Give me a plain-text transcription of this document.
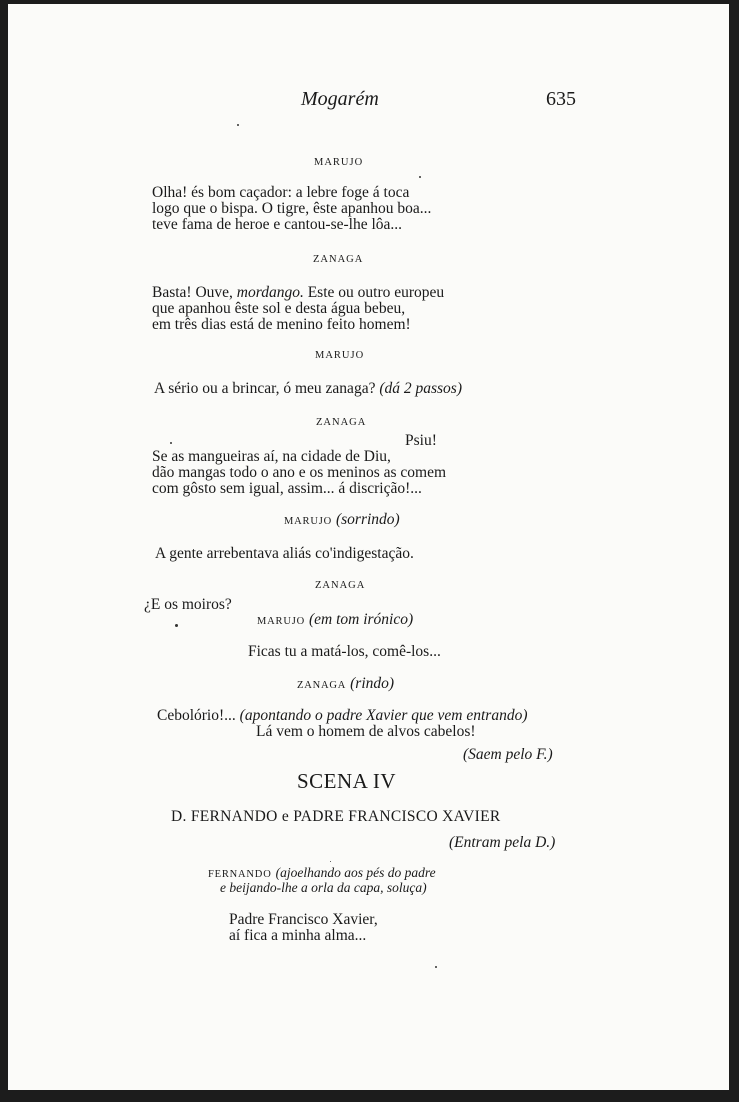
Mogarém	635
MARUJO
Olha! és bom caçador: a lebre foge á toca
logo que o bispa. O tigre, êste apanhou boa...
teve fama de heroe e cantou-se-lhe lôa...
ZANAGA
Basta! Ouve, mordango. Este ou outro europeu
que apanhou êste sol e desta água bebeu,
em três dias está de menino feito homem!
MARUJO
A sério ou a brincar, ó meu zanaga? (dá 2 passos)
ZANAGA
Psiu!
Se as mangueiras aí, na cidade de Diu,
dão mangas todo o ano e os meninos as comem
com gôsto sem igual, assim... á discrição!...
MARUJO (sorrindo)
A gente arrebentava aliás co'indigestação.
ZANAGA
¿E os moiros?
MARUJO (em tom irónico)
Ficas tu a matá-los, comê-los...
ZANAGA (rindo)
Cebolório!... (apontando o padre Xavier que vem entrando)
Lá vem o homem de alvos cabelos!
(Saem pelo F.)
SCENA IV
D. FERNANDO e PADRE FRANCISCO XAVIER
(Entram pela D.)
FERNANDO (ajoelhando aos pés do padre
e beijando-lhe a orla da capa, soluça)
Padre Francisco Xavier,
aí fica a minha alma...
